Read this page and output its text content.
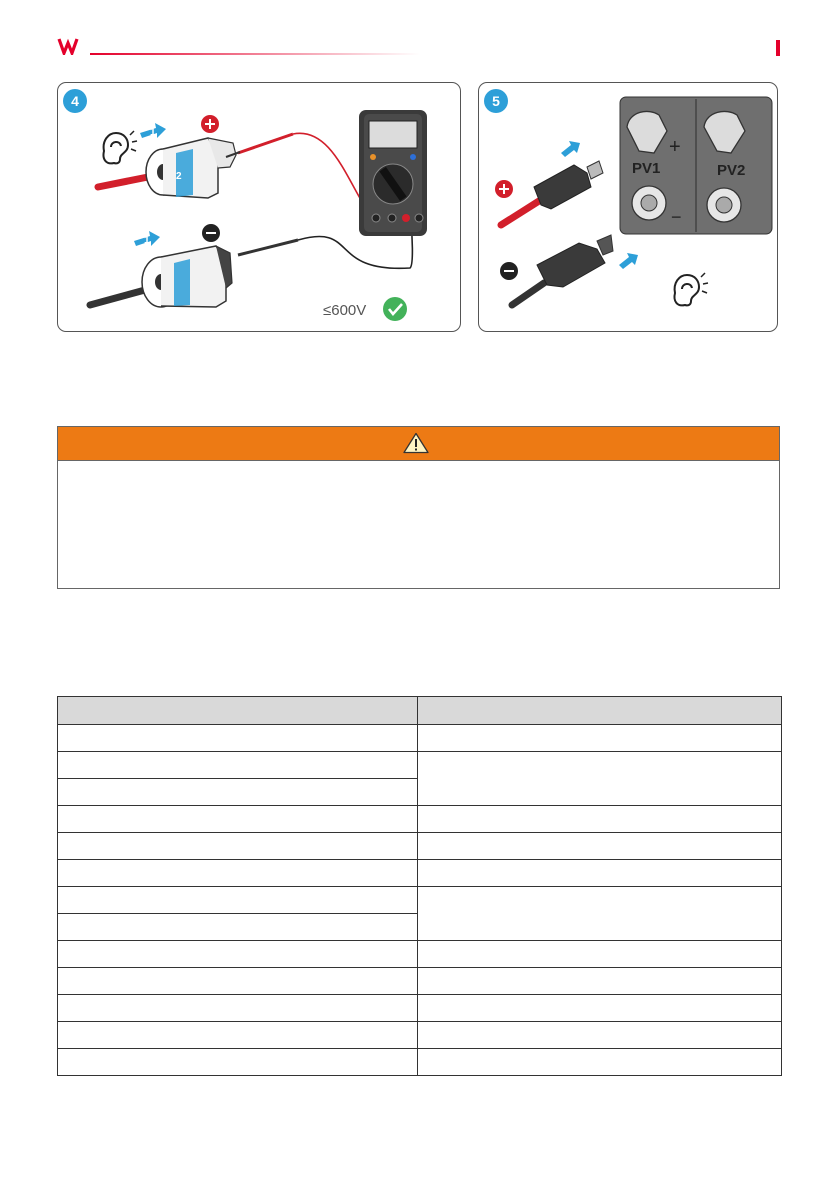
4
1
2
1
≤600V
5
PV1	PV2
+
−
